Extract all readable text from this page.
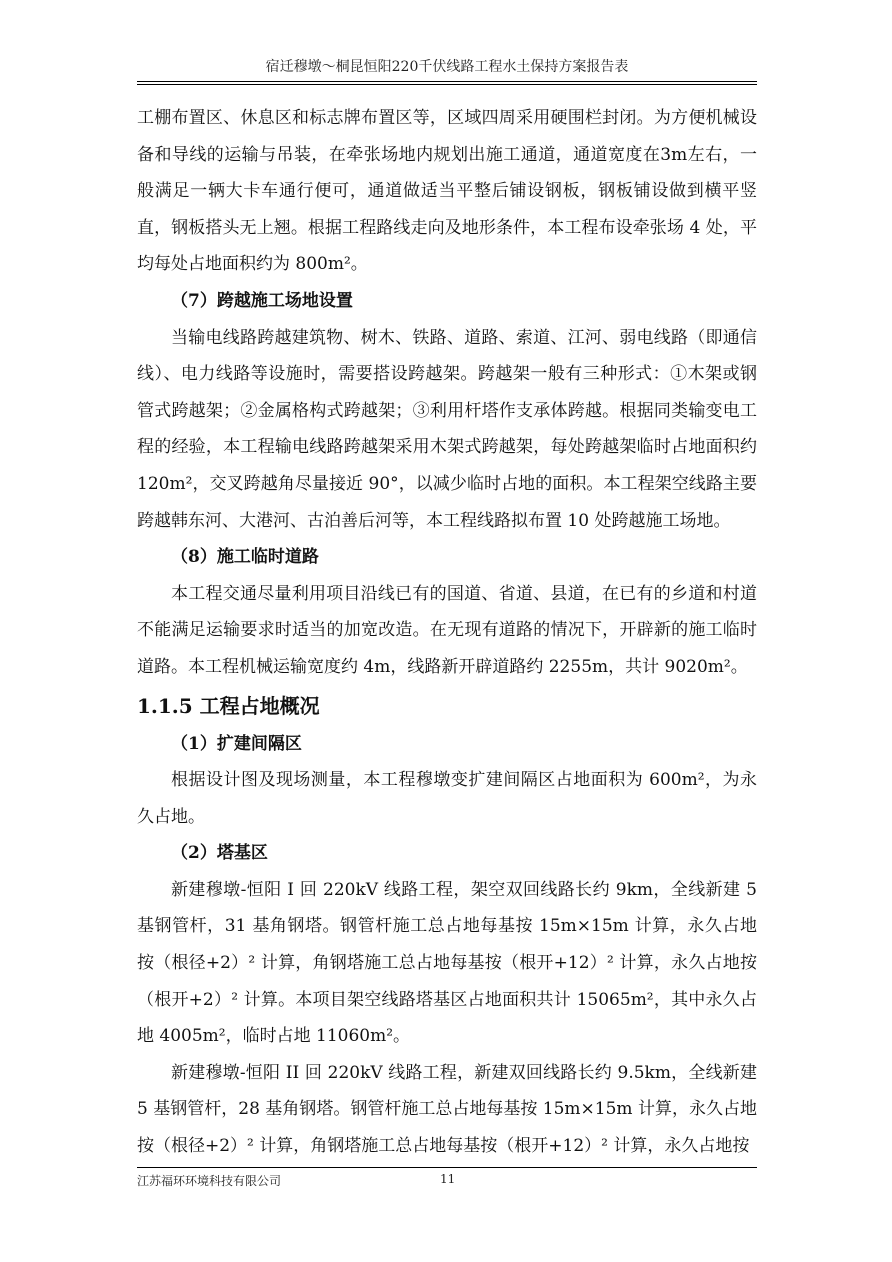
宿迁穆墩～桐昆恒阳220千伏线路工程水土保持方案报告表

工棚布置区、休息区和标志牌布置区等，区域四周采用硬围栏封闭。为方便机械设备和导线的运输与吊装，在牵张场地内规划出施工通道，通道宽度在3m左右，一般满足一辆大卡车通行便可，通道做适当平整后铺设钢板，钢板铺设做到横平竖直，钢板搭头无上翘。根据工程路线走向及地形条件，本工程布设牵张场 4 处，平均每处占地面积约为 800m²。

（7）跨越施工场地设置

当输电线路跨越建筑物、树木、铁路、道路、索道、江河、弱电线路（即通信线）、电力线路等设施时，需要搭设跨越架。跨越架一般有三种形式：①木架或钢管式跨越架；②金属格构式跨越架；③利用杆塔作支承体跨越。根据同类输变电工程的经验，本工程输电线路跨越架采用木架式跨越架，每处跨越架临时占地面积约 120m²，交叉跨越角尽量接近 90°，以减少临时占地的面积。本工程架空线路主要跨越韩东河、大港河、古泊善后河等，本工程线路拟布置 10 处跨越施工场地。

（8）施工临时道路

本工程交通尽量利用项目沿线已有的国道、省道、县道，在已有的乡道和村道不能满足运输要求时适当的加宽改造。在无现有道路的情况下，开辟新的施工临时道路。本工程机械运输宽度约 4m，线路新开辟道路约 2255m，共计 9020m²。

1.1.5 工程占地概况

（1）扩建间隔区

根据设计图及现场测量，本工程穆墩变扩建间隔区占地面积为 600m²，为永久占地。

（2）塔基区

新建穆墩-恒阳 I 回 220kV 线路工程，架空双回线路长约 9km，全线新建 5 基钢管杆，31 基角钢塔。钢管杆施工总占地每基按 15m×15m 计算，永久占地按（根径+2）² 计算，角钢塔施工总占地每基按（根开+12）² 计算，永久占地按（根开+2）² 计算。本项目架空线路塔基区占地面积共计 15065m²，其中永久占地 4005m²，临时占地 11060m²。

新建穆墩-恒阳 II 回 220kV 线路工程，新建双回线路长约 9.5km，全线新建 5 基钢管杆，28 基角钢塔。钢管杆施工总占地每基按 15m×15m 计算，永久占地按（根径+2）² 计算，角钢塔施工总占地每基按（根开+12）² 计算，永久占地按

江苏福环环境科技有限公司	11
